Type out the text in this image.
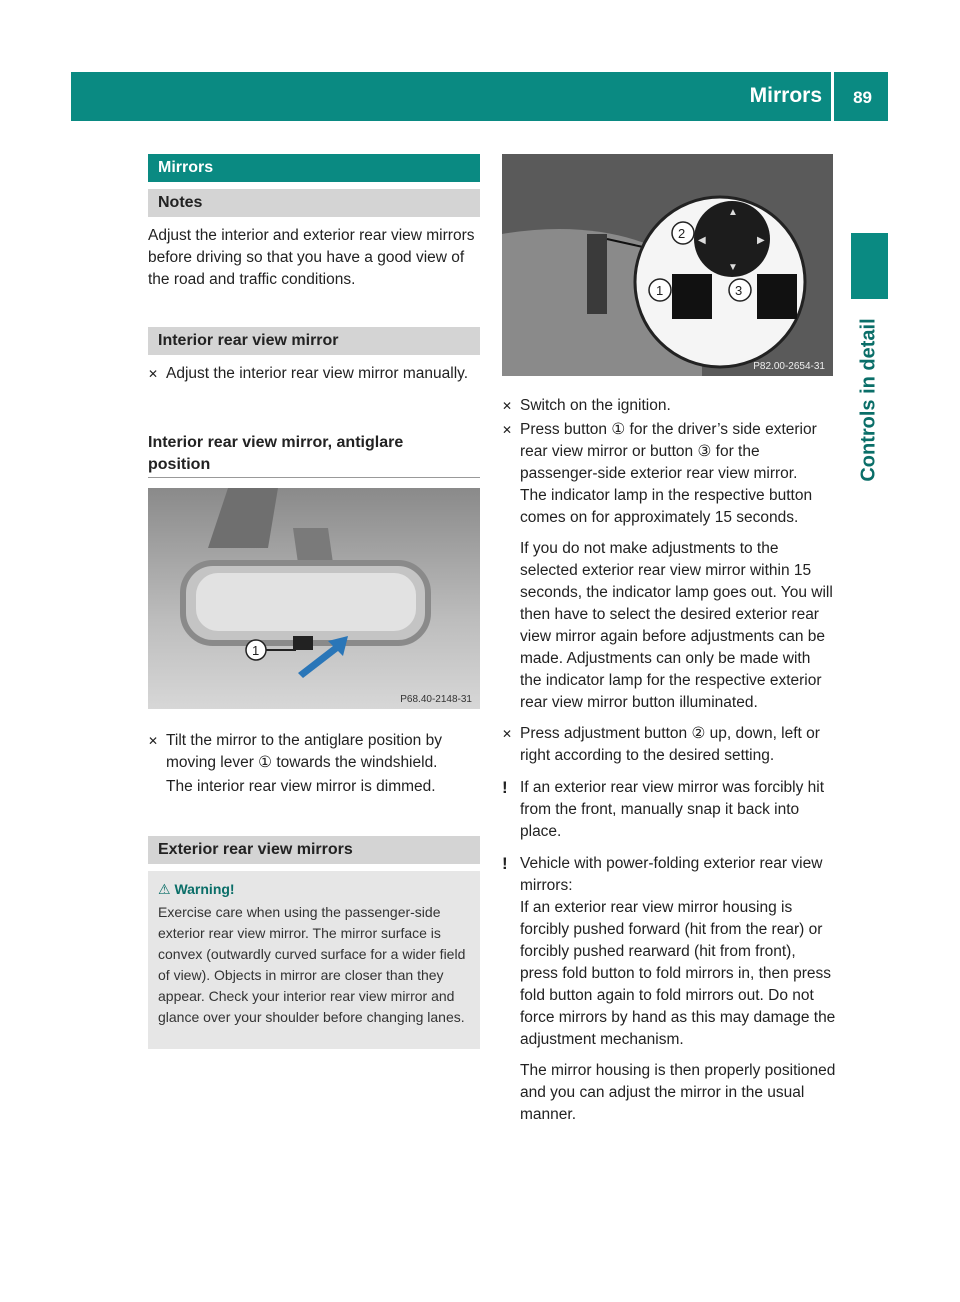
Mirrors 89
Controls in detail
Mirrors
Notes

Adjust the interior and exterior rear view mirrors before driving so that you have a good view of the road and traffic conditions.

Interior rear view mirror
✕ Adjust the interior rear view mirror manually.
Interior rear view mirror, antiglare position
1
P68.40-2148-31
✕ Tilt the mirror to the antiglare position by moving lever ① towards the windshield.

The interior rear view mirror is dimmed.

Exterior rear view mirrors
⚠ Warning!

Exercise care when using the passenger-side exterior rear view mirror. The mirror surface is convex (outwardly curved surface for a wider field of view). Objects in mirror are closer than they appear. Check your interior rear view mirror and glance over your shoulder before changing lanes.

▲
▼
◀	▶
2
1	3
P82.00-2654-31
✕ Switch on the ignition.
✕ Press button ① for the driver’s side exterior rear view mirror or button ③ for the passenger-side exterior rear view mirror.

The indicator lamp in the respective button comes on for approximately 15 seconds.

If you do not make adjustments to the selected exterior rear view mirror within 15 seconds, the indicator lamp goes out. You will then have to select the desired exterior rear view mirror again before adjustments can be made. Adjustments can only be made with the indicator lamp for the respective exterior rear view mirror button illuminated.

✕ Press adjustment button ② up, down, left or right according to the desired setting.
! If an exterior rear view mirror was forcibly hit from the front, manually snap it back into place.
! Vehicle with power-folding exterior rear view mirrors:

If an exterior rear view mirror housing is forcibly pushed forward (hit from the rear) or forcibly pushed rearward (hit from front), press fold button to fold mirrors in, then press fold button again to fold mirrors out. Do not force mirrors by hand as this may damage the adjustment mechanism.

The mirror housing is then properly positioned and you can adjust the mirror in the usual manner.
